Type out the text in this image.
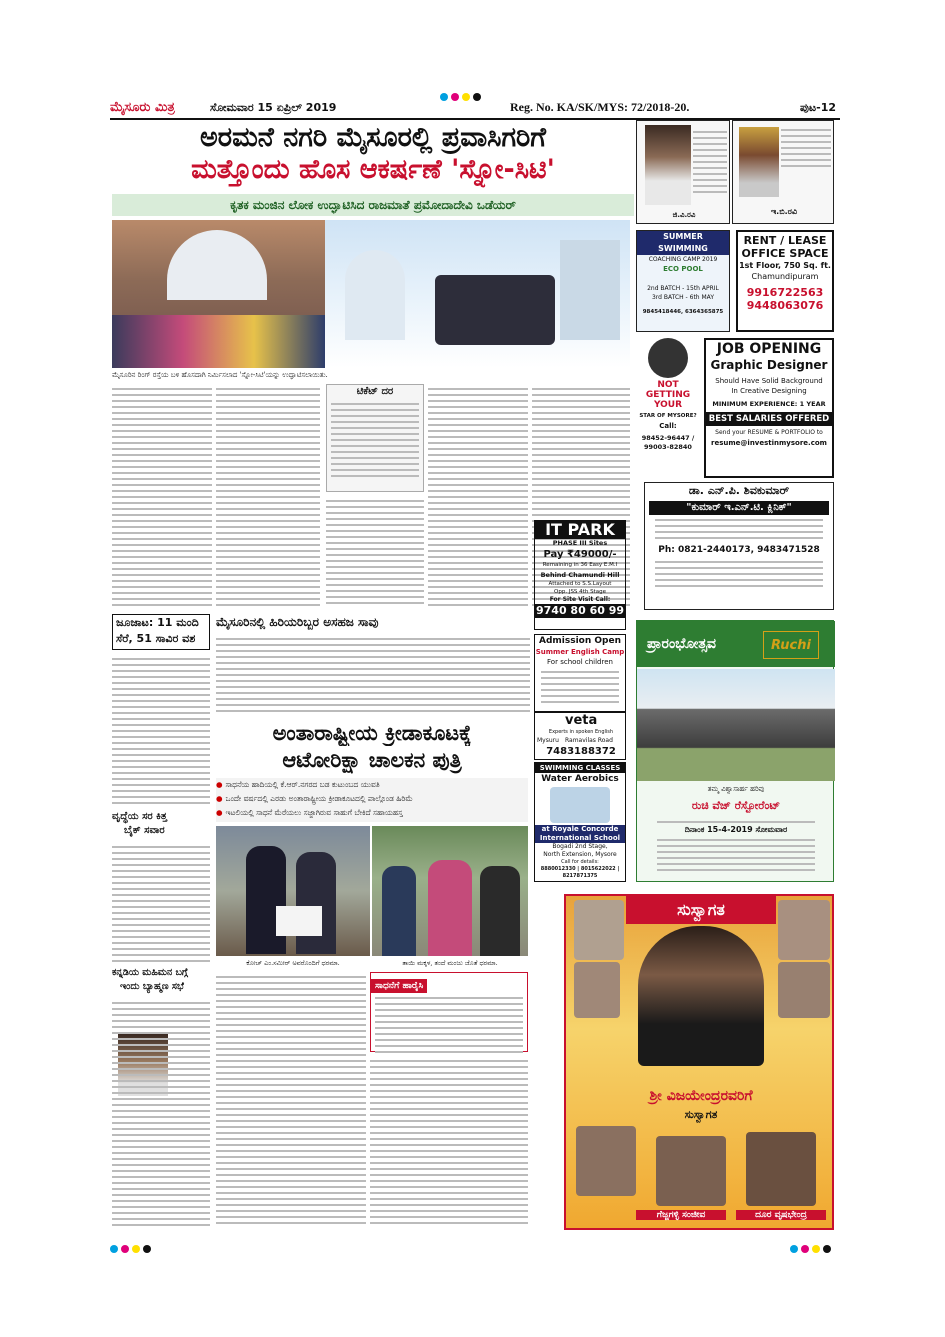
ಮೈಸೂರು ಮಿತ್ರ	ಸೋಮವಾರ 15 ಏಪ್ರಿಲ್ 2019	Reg. No. KA/SK/MYS: 72/2018-20.	ಪುಟ-12
ಅರಮನೆ ನಗರಿ ಮೈಸೂರಲ್ಲಿ ಪ್ರವಾಸಿಗರಿಗೆ
ಮತ್ತೊಂದು ಹೊಸ ಆಕರ್ಷಣೆ 'ಸ್ನೋ-ಸಿಟಿ'
ಕೃತಕ ಮಂಜಿನ ಲೋಕ ಉದ್ಘಾಟಿಸಿದ ರಾಜಮಾತೆ ಪ್ರಮೋದಾದೇವಿ ಒಡೆಯರ್
ಮೈಸೂರಿನ ರಿಂಗ್ ರಸ್ತೆಯ ಬಳಿ ಹೊಸದಾಗಿ ನಿರ್ಮಿಸಲಾದ 'ಸ್ನೋ-ಸಿಟಿ'ಯನ್ನು ಉದ್ಘಾಟಿಸಲಾಯಿತು.
ಟಿಕೆಟ್ ದರ
ಜಿ.ವಿ.ರವಿ	ಇ.ಬಿ.ರವಿ
SUMMER SWIMMING
COACHING CAMP 2019
ECO POOL
2nd BATCH - 15th APRIL
3rd BATCH - 6th MAY
9845418446, 6364365875
RENT / LEASE
OFFICE SPACE
1st Floor, 750 Sq. ft.
Chamundipuram
9916722563
9448063076
NOT
GETTING
YOUR
STAR OF MYSORE?
Call:
98452-96447 / 99003-82840
JOB OPENING
Graphic Designer
Should Have Solid Background
In Creative Designing
MINIMUM EXPERIENCE: 1 YEAR
BEST SALARIES OFFERED
Send your RESUME & PORTFOLIO to
resume@investinmysore.com
ಡಾ. ಎನ್.ಪಿ. ಶಿವಕುಮಾರ್
"ಕುಮಾರ್ ಇ.ಎನ್.ಟಿ. ಕ್ಲಿನಿಕ್"
Ph: 0821-2440173, 9483471528
IT PARK
PHASE III Sites
Pay ₹49000/-
Remaining in 36 Easy E.M.I
Behind Chamundi Hill
Attached to S.S.Layout
Opp. JSS 4th Stage
For Site Visit Call:
9740 80 60 99
Admission Open
Summer English Camp
For school children
veta
Experts in spoken English
Mysuru Ramavilas Road
7483188372
SWIMMING CLASSES
Water Aerobics
at Royale Concorde
International School
Bogadi 2nd Stage,
North Extension, Mysore
Call for details:
8880012330 | 8015622022 | 8217871375
ಪ್ರಾರಂಭೋತ್ಸವ	Ruchi
ತಮ್ಮ ವಿಶ್ವಾಸಾರ್ಹ ಹರಿವು
ರುಚಿ ವೆಜ್ ರೆಸ್ಟೋರೆಂಟ್
ದಿನಾಂಕ 15-4-2019 ಸೋಮವಾರ
ಸುಸ್ವಾಗತ
ಶ್ರೀ ವಿಜಯೇಂದ್ರರವರಿಗೆ
ಸುಸ್ವಾಗತ
ಗೆಜ್ಜಗಳ್ಳಿ ಸಂಜೀವ	ದೂರ ವೃಷಭೇಂದ್ರ
ಮೈಸೂರಿನಲ್ಲಿ ಹಿರಿಯರಿಬ್ಬರ ಅಸಹಜ ಸಾವು
ಜೂಜಾಟ: 11 ಮಂದಿ
ಸೆರೆ, 51 ಸಾವಿರ ವಶ
ವೃದ್ಧೆಯ ಸರ ಕಿತ್ತ
ಬೈಕ್ ಸವಾರ
ಕನ್ನಡಿಯ ಮಹಿಮನ ಬಗ್ಗೆ
ಇಂದು ಬ್ಯಾಹ್ಮಣ ಸಭೆ
ಅಂತಾರಾಷ್ಟ್ರೀಯ ಕ್ರೀಡಾಕೂಟಕ್ಕೆ
ಆಟೋರಿಕ್ಷಾ ಚಾಲಕನ ಪುತ್ರಿ
● ಸಾಧನೆಯ ಹಾದಿಯಲ್ಲಿ ಕೆ.ಆರ್.ನಗರದ ಬಡ ಕುಟುಂಬದ ಯುವತಿ
● ಒಂದೇ ವರ್ಷದಲ್ಲಿ ಎರಡು ಅಂತಾರಾಷ್ಟ್ರೀಯ ಕ್ರೀಡಾಕೂಟದಲ್ಲಿ ಪಾಲ್ಗೊಂಡ ಹಿರಿಮೆ
● ಇಟಲಿಯಲ್ಲಿ ಸಾಧನೆ ಮೆರೆಯಲು ಸಜ್ಜಾಗಿರುವ ಸಾಹುಗೆ ಬೇಕಿದೆ ಸಹಾಯಹಸ್ತ
ಕೋಚ್ ಎಂ.ಸಮೀರ್ ಅವರೊಂದಿಗೆ ಧರಮಾ.	ತಾಯಿ ಮಕ್ಕಳ, ತಂದೆ ಮಂಜು ಜೊತೆ ಧರಮಾ.
ಸಾಧನೆಗೆ ಹಾರೈಸಿ
